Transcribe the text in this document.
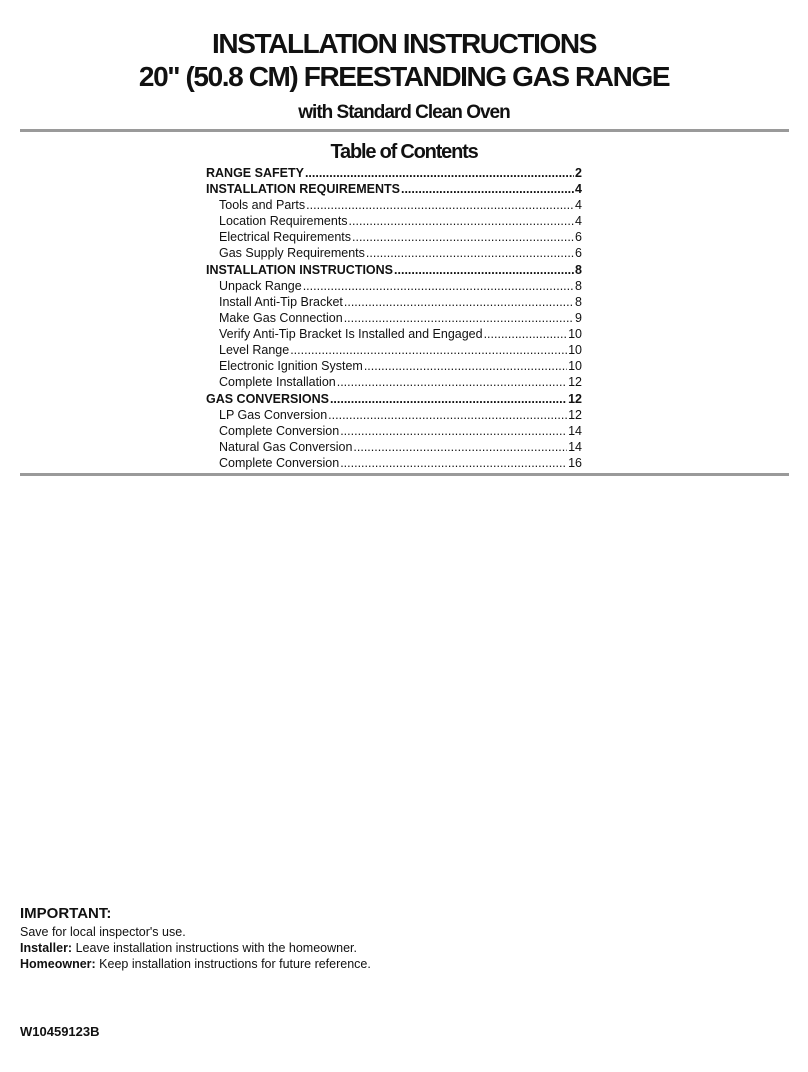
INSTALLATION INSTRUCTIONS
20" (50.8 CM) FREESTANDING GAS RANGE
with Standard Clean Oven
Table of Contents
RANGE SAFETY .....	2
INSTALLATION REQUIREMENTS .....	4
Tools and Parts .....	4
Location Requirements .....	4
Electrical Requirements .....	6
Gas Supply Requirements .....	6
INSTALLATION INSTRUCTIONS .....	8
Unpack Range .....	8
Install Anti-Tip Bracket .....	8
Make Gas Connection .....	9
Verify Anti-Tip Bracket Is Installed and Engaged .....	10
Level Range .....	10
Electronic Ignition System .....	10
Complete Installation .....	12
GAS CONVERSIONS .....	12
LP Gas Conversion .....	12
Complete Conversion .....	14
Natural Gas Conversion .....	14
Complete Conversion .....	16

IMPORTANT:

Save for local inspector's use.

Installer: Leave installation instructions with the homeowner.

Homeowner: Keep installation instructions for future reference.

W10459123B
